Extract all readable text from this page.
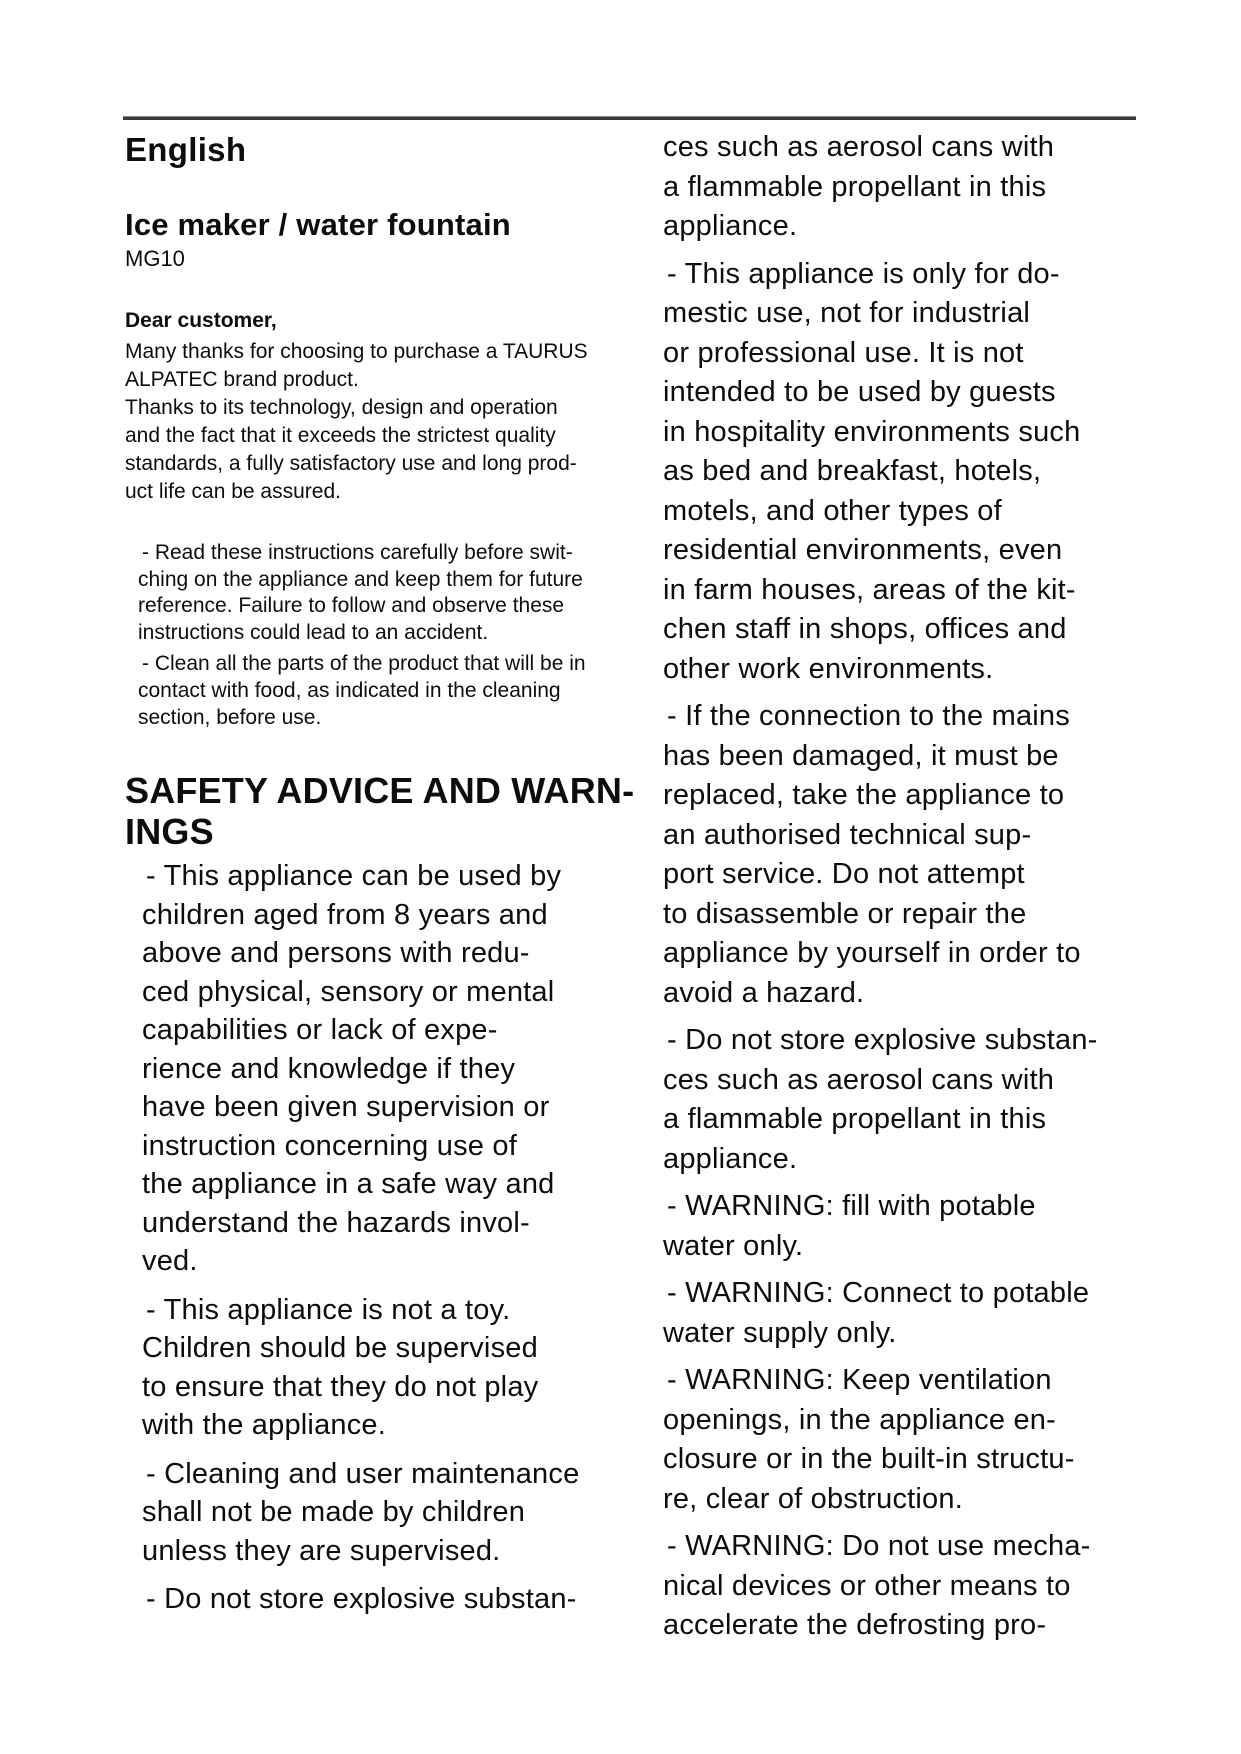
English
Ice maker / water fountain
MG10
Dear customer,
Many thanks for choosing to purchase a TAURUS
ALPATEC brand product.
Thanks to its technology, design and operation
and the fact that it exceeds the strictest quality
standards, a fully satisfactory use and long prod-
uct life can be assured.

- Read these instructions carefully before swit-
ching on the appliance and keep them for future
reference. Failure to follow and observe these
instructions could lead to an accident.

- Clean all the parts of the product that will be in
contact with food, as indicated in the cleaning
section, before use.

SAFETY ADVICE AND WARN-
INGS

- This appliance can be used by
children aged from 8 years and
above and persons with redu-
ced physical, sensory or mental
capabilities or lack of expe-
rience and knowledge if they
have been given supervision or
instruction concerning use of
the appliance in a safe way and
understand the hazards invol-
ved.

- This appliance is not a toy.
Children should be supervised
to ensure that they do not play
with the appliance.

- Cleaning and user maintenance
shall not be made by children
unless they are supervised.

- Do not store explosive substan-

ces such as aerosol cans with
a flammable propellant in this
appliance.

- This appliance is only for do-
mestic use, not for industrial
or professional use. It is not
intended to be used by guests
in hospitality environments such
as bed and breakfast, hotels,
motels, and other types of
residential environments, even
in farm houses, areas of the kit-
chen staff in shops, offices and
other work environments.

- If the connection to the mains
has been damaged, it must be
replaced, take the appliance to
an authorised technical sup-
port service. Do not attempt
to disassemble or repair the
appliance by yourself in order to
avoid a hazard.

- Do not store explosive substan-
ces such as aerosol cans with
a flammable propellant in this
appliance.

- WARNING: fill with potable
water only.

- WARNING: Connect to potable
water supply only.

- WARNING: Keep ventilation
openings, in the appliance en-
closure or in the built-in structu-
re, clear of obstruction.

- WARNING: Do not use mecha-
nical devices or other means to
accelerate the defrosting pro-
